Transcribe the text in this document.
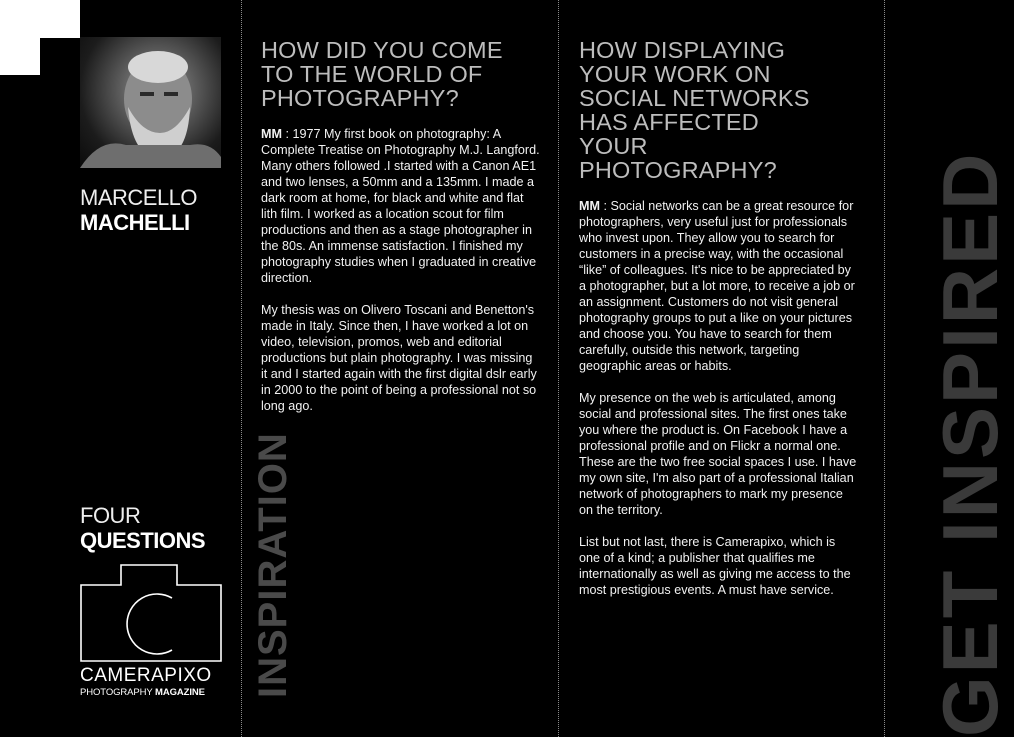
MARCELLO
MACHELLI
FOUR
QUESTIONS
CAMERAPIXO
PHOTOGRAPHY MAGAZINE	INSPIRATION
HOW DID YOU COME TO THE WORLD OF PHOTOGRAPHY?

MM : 1977 My first book on photography: A Complete Treatise on Photography M.J. Langford. Many others followed .I started with a Canon AE1 and two lenses, a 50mm and a 135mm. I made a dark room at home, for black and white and flat lith film. I worked as a location scout for film productions and then as a stage photographer in the 80s. An immense satisfaction. I finished my photography studies when I graduated in creative direction.

My thesis was on Olivero Toscani and Benetton's made in Italy. Since then, I have worked a lot on video, television, promos, web and editorial productions but plain photography. I was missing it and I started again with the first digital dslr early in 2000 to the point of being a professional not so long ago.

HOW DISPLAYING YOUR WORK ON SOCIAL NETWORKS HAS AFFECTED YOUR PHOTOGRAPHY?

MM : Social networks can be a great resource for photographers, very useful just for professionals who invest upon. They allow you to search for customers in a precise way, with the occasional “like” of colleagues. It's nice to be appreciated by a photographer, but a lot more, to receive a job or an assignment. Customers do not visit general photography groups to put a like on your pictures and choose you. You have to search for them carefully, outside this network, targeting geographic areas or habits.

My presence on the web is articulated, among social and professional sites. The first ones take you where the product is. On Facebook I have a professional profile and on Flickr a normal one. These are the two free social spaces I use. I have my own site, I'm also part of a professional Italian network of photographers to mark my presence on the territory.

List but not last, there is Camerapixo, which is one of a kind; a publisher that qualifies me internationally as well as giving me access to the most prestigious events. A must have service.	GET INSPIRED
